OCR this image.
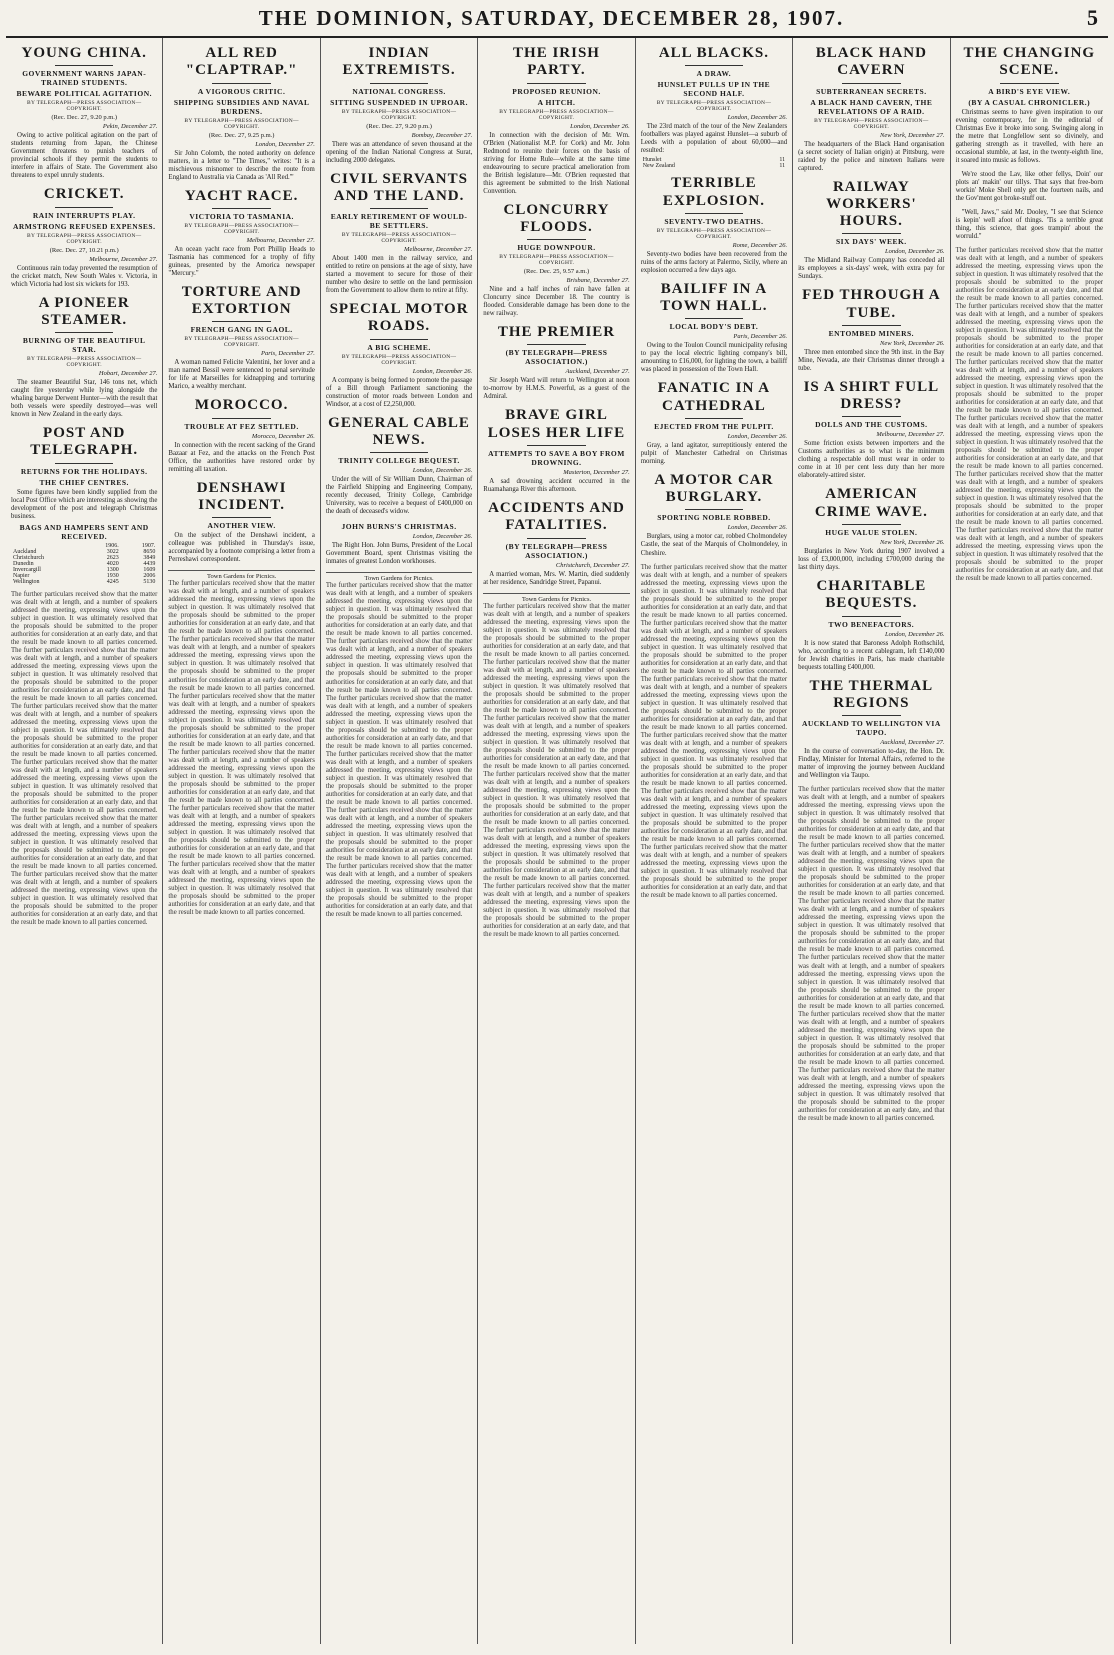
THE DOMINION, SATURDAY, DECEMBER 28, 1907.	5
YOUNG CHINA.
GOVERNMENT WARNS JAPAN-TRAINED STUDENTS.
BEWARE POLITICAL AGITATION.
BY TELEGRAPH—PRESS ASSOCIATION—COPYRIGHT.
(Rec. Dec. 27, 9.20 p.m.)
Pekin, December 27.
Owing to active political agitation on the part of students returning from Japan, the Chinese Government threatens to punish teachers of provincial schools if they permit the students to interfere in affairs of State. The Government also threatens to expel unruly students.
CRICKET.
RAIN INTERRUPTS PLAY.
ARMSTRONG REFUSED EXPENSES.
BY TELEGRAPH—PRESS ASSOCIATION—COPYRIGHT.
(Rec. Dec. 27, 10.21 p.m.)
Melbourne, December 27.
Continuous rain today prevented the resumption of the cricket match, New South Wales v. Victoria, in which Victoria had lost six wickets for 193.
A PIONEER STEAMER.
BURNING OF THE BEAUTIFUL STAR.
BY TELEGRAPH—PRESS ASSOCIATION—COPYRIGHT.
Hobart, December 27.
The steamer Beautiful Star, 146 tons net, which caught fire yesterday while lying alongside the whaling barque Derwent Hunter—with the result that both vessels were speedily destroyed—was well known in New Zealand in the early days.
POST AND TELEGRAPH.
RETURNS FOR THE HOLIDAYS.
THE CHIEF CENTRES.
Some figures have been kindly supplied from the local Post Office which are interesting as showing the development of the post and telegraph Christmas business.
BAGS AND HAMPERS SENT AND RECEIVED.
	1906.	1907.
Auckland	3022	8650
Christchurch	2623	3849
Dunedin	4020	4439
Invercargill	1300	1609
Napier	1930	2006
Wellington	4245	5130
The further particulars received show that the matter was dealt with at length, and a number of speakers addressed the meeting, expressing views upon the subject in question. It was ultimately resolved that the proposals should be submitted to the proper authorities for consideration at an early date, and that the result be made known to all parties concerned. The further particulars received show that the matter was dealt with at length, and a number of speakers addressed the meeting, expressing views upon the subject in question. It was ultimately resolved that the proposals should be submitted to the proper authorities for consideration at an early date, and that the result be made known to all parties concerned. The further particulars received show that the matter was dealt with at length, and a number of speakers addressed the meeting, expressing views upon the subject in question. It was ultimately resolved that the proposals should be submitted to the proper authorities for consideration at an early date, and that the result be made known to all parties concerned. The further particulars received show that the matter was dealt with at length, and a number of speakers addressed the meeting, expressing views upon the subject in question. It was ultimately resolved that the proposals should be submitted to the proper authorities for consideration at an early date, and that the result be made known to all parties concerned. The further particulars received show that the matter was dealt with at length, and a number of speakers addressed the meeting, expressing views upon the subject in question. It was ultimately resolved that the proposals should be submitted to the proper authorities for consideration at an early date, and that the result be made known to all parties concerned. The further particulars received show that the matter was dealt with at length, and a number of speakers addressed the meeting, expressing views upon the subject in question. It was ultimately resolved that the proposals should be submitted to the proper authorities for consideration at an early date, and that the result be made known to all parties concerned.
ALL RED "CLAPTRAP."
A VIGOROUS CRITIC.
SHIPPING SUBSIDIES AND NAVAL BURDENS.
BY TELEGRAPH—PRESS ASSOCIATION—COPYRIGHT.
(Rec. Dec. 27, 9.25 p.m.)
London, December 27.
Sir John Colomb, the noted authority on defence matters, in a letter to "The Times," writes: "It is a mischievous misnomer to describe the route from England to Australia via Canada as 'All Red.'"
YACHT RACE.
VICTORIA TO TASMANIA.
BY TELEGRAPH—PRESS ASSOCIATION—COPYRIGHT.
Melbourne, December 27.
An ocean yacht race from Port Phillip Heads to Tasmania has commenced for a trophy of fifty guineas, presented by the Amorica newspaper "Mercury."
TORTURE AND EXTORTION
FRENCH GANG IN GAOL.
BY TELEGRAPH—PRESS ASSOCIATION—COPYRIGHT.
Paris, December 27.
A woman named Felicite Valentini, her lover and a man named Bessil were sentenced to penal servitude for life at Marseilles for kidnapping and torturing Marico, a wealthy merchant.
MOROCCO.
TROUBLE AT FEZ SETTLED.
Morocco, December 26.
In connection with the recent sacking of the Grand Bazaar at Fez, and the attacks on the French Post Office, the authorities have restored order by remitting all taxation.
DENSHAWI INCIDENT.
ANOTHER VIEW.
On the subject of the Denshawi incident, a colleague was published in Thursday's issue, accompanied by a footnote comprising a letter from a Perreshawi correspondent.
Town Gardens for Picnics.
The further particulars received show that the matter was dealt with at length, and a number of speakers addressed the meeting, expressing views upon the subject in question. It was ultimately resolved that the proposals should be submitted to the proper authorities for consideration at an early date, and that the result be made known to all parties concerned. The further particulars received show that the matter was dealt with at length, and a number of speakers addressed the meeting, expressing views upon the subject in question. It was ultimately resolved that the proposals should be submitted to the proper authorities for consideration at an early date, and that the result be made known to all parties concerned. The further particulars received show that the matter was dealt with at length, and a number of speakers addressed the meeting, expressing views upon the subject in question. It was ultimately resolved that the proposals should be submitted to the proper authorities for consideration at an early date, and that the result be made known to all parties concerned. The further particulars received show that the matter was dealt with at length, and a number of speakers addressed the meeting, expressing views upon the subject in question. It was ultimately resolved that the proposals should be submitted to the proper authorities for consideration at an early date, and that the result be made known to all parties concerned. The further particulars received show that the matter was dealt with at length, and a number of speakers addressed the meeting, expressing views upon the subject in question. It was ultimately resolved that the proposals should be submitted to the proper authorities for consideration at an early date, and that the result be made known to all parties concerned. The further particulars received show that the matter was dealt with at length, and a number of speakers addressed the meeting, expressing views upon the subject in question. It was ultimately resolved that the proposals should be submitted to the proper authorities for consideration at an early date, and that the result be made known to all parties concerned.
INDIAN EXTREMISTS.
NATIONAL CONGRESS.
SITTING SUSPENDED IN UPROAR.
BY TELEGRAPH—PRESS ASSOCIATION—COPYRIGHT.
(Rec. Dec. 27, 9.20 p.m.)
Bombay, December 27.
There was an attendance of seven thousand at the opening of the Indian National Congress at Surat, including 2000 delegates.
CIVIL SERVANTS AND THE LAND.
EARLY RETIREMENT OF WOULD-BE SETTLERS.
BY TELEGRAPH—PRESS ASSOCIATION—COPYRIGHT.
Melbourne, December 27.
About 1400 men in the railway service, and entitled to retire on pensions at the age of sixty, have started a movement to secure for those of their number who desire to settle on the land permission from the Government to allow them to retire at fifty.
SPECIAL MOTOR ROADS.
A BIG SCHEME.
BY TELEGRAPH—PRESS ASSOCIATION—COPYRIGHT.
London, December 26.
A company is being formed to promote the passage of a Bill through Parliament sanctioning the construction of motor roads between London and Windsor, at a cost of £2,250,000.
GENERAL CABLE NEWS.
TRINITY COLLEGE BEQUEST.
London, December 26.
Under the will of Sir William Dunn, Chairman of the Fairfield Shipping and Engineering Company, recently deceased, Trinity College, Cambridge University, was to receive a bequest of £400,000 on the death of deceased's widow.
JOHN BURNS'S CHRISTMAS.
London, December 26.
The Right Hon. John Burns, President of the Local Government Board, spent Christmas visiting the inmates of greatest London workhouses.
Town Gardens for Picnics.
The further particulars received show that the matter was dealt with at length, and a number of speakers addressed the meeting, expressing views upon the subject in question. It was ultimately resolved that the proposals should be submitted to the proper authorities for consideration at an early date, and that the result be made known to all parties concerned. The further particulars received show that the matter was dealt with at length, and a number of speakers addressed the meeting, expressing views upon the subject in question. It was ultimately resolved that the proposals should be submitted to the proper authorities for consideration at an early date, and that the result be made known to all parties concerned. The further particulars received show that the matter was dealt with at length, and a number of speakers addressed the meeting, expressing views upon the subject in question. It was ultimately resolved that the proposals should be submitted to the proper authorities for consideration at an early date, and that the result be made known to all parties concerned. The further particulars received show that the matter was dealt with at length, and a number of speakers addressed the meeting, expressing views upon the subject in question. It was ultimately resolved that the proposals should be submitted to the proper authorities for consideration at an early date, and that the result be made known to all parties concerned. The further particulars received show that the matter was dealt with at length, and a number of speakers addressed the meeting, expressing views upon the subject in question. It was ultimately resolved that the proposals should be submitted to the proper authorities for consideration at an early date, and that the result be made known to all parties concerned. The further particulars received show that the matter was dealt with at length, and a number of speakers addressed the meeting, expressing views upon the subject in question. It was ultimately resolved that the proposals should be submitted to the proper authorities for consideration at an early date, and that the result be made known to all parties concerned.
THE IRISH PARTY.
PROPOSED REUNION.
A HITCH.
BY TELEGRAPH—PRESS ASSOCIATION—COPYRIGHT.
London, December 26.
In connection with the decision of Mr. Wm. O'Brien (Nationalist M.P. for Cork) and Mr. John Redmond to reunite their forces on the basis of striving for Home Rule—while at the same time endeavouring to secure practical amelioration from the British legislature—Mr. O'Brien requested that this agreement be submitted to the Irish National Convention.
CLONCURRY FLOODS.
HUGE DOWNPOUR.
BY TELEGRAPH—PRESS ASSOCIATION—COPYRIGHT.
(Rec. Dec. 25, 9.57 a.m.)
Brisbane, December 27.
Nine and a half inches of rain have fallen at Cloncurry since December 18. The country is flooded. Considerable damage has been done to the new railway.
THE PREMIER
(BY TELEGRAPH—PRESS ASSOCIATION.)
Auckland, December 27.
Sir Joseph Ward will return to Wellington at noon to-morrow by H.M.S. Powerful, as a guest of the Admiral.
BRAVE GIRL LOSES HER LIFE
ATTEMPTS TO SAVE A BOY FROM DROWNING.
Masterton, December 27.
A sad drowning accident occurred in the Ruamahanga River this afternoon.
ACCIDENTS AND FATALITIES.
(BY TELEGRAPH—PRESS ASSOCIATION.)
Christchurch, December 27.
A married woman, Mrs. W. Martin, died suddenly at her residence, Sandridge Street, Papanui.
Town Gardens for Picnics.
The further particulars received show that the matter was dealt with at length, and a number of speakers addressed the meeting, expressing views upon the subject in question. It was ultimately resolved that the proposals should be submitted to the proper authorities for consideration at an early date, and that the result be made known to all parties concerned. The further particulars received show that the matter was dealt with at length, and a number of speakers addressed the meeting, expressing views upon the subject in question. It was ultimately resolved that the proposals should be submitted to the proper authorities for consideration at an early date, and that the result be made known to all parties concerned. The further particulars received show that the matter was dealt with at length, and a number of speakers addressed the meeting, expressing views upon the subject in question. It was ultimately resolved that the proposals should be submitted to the proper authorities for consideration at an early date, and that the result be made known to all parties concerned. The further particulars received show that the matter was dealt with at length, and a number of speakers addressed the meeting, expressing views upon the subject in question. It was ultimately resolved that the proposals should be submitted to the proper authorities for consideration at an early date, and that the result be made known to all parties concerned. The further particulars received show that the matter was dealt with at length, and a number of speakers addressed the meeting, expressing views upon the subject in question. It was ultimately resolved that the proposals should be submitted to the proper authorities for consideration at an early date, and that the result be made known to all parties concerned. The further particulars received show that the matter was dealt with at length, and a number of speakers addressed the meeting, expressing views upon the subject in question. It was ultimately resolved that the proposals should be submitted to the proper authorities for consideration at an early date, and that the result be made known to all parties concerned.
ALL BLACKS.
A DRAW.
HUNSLET PULLS UP IN THE SECOND HALF.
BY TELEGRAPH—PRESS ASSOCIATION—COPYRIGHT.
London, December 26.
The 23rd match of the tour of the New Zealanders footballers was played against Hunslet—a suburb of Leeds with a population of about 60,000—and resulted:
Hunslet	11
New Zealand	11
TERRIBLE EXPLOSION.
SEVENTY-TWO DEATHS.
BY TELEGRAPH—PRESS ASSOCIATION—COPYRIGHT.
Rome, December 26.
Seventy-two bodies have been recovered from the ruins of the arms factory at Palermo, Sicily, where an explosion occurred a few days ago.
BAILIFF IN A TOWN HALL.
LOCAL BODY'S DEBT.
Paris, December 26.
Owing to the Toulon Council municipality refusing to pay the local electric lighting company's bill, amounting to £16,000, for lighting the town, a bailiff was placed in possession of the Town Hall.
FANATIC IN A CATHEDRAL
EJECTED FROM THE PULPIT.
London, December 26.
Gray, a land agitator, surreptitiously entered the pulpit of Manchester Cathedral on Christmas morning.
A MOTOR CAR BURGLARY.
SPORTING NOBLE ROBBED.
London, December 26.
Burglars, using a motor car, robbed Cholmondeley Castle, the seat of the Marquis of Cholmondeley, in Cheshire.
The further particulars received show that the matter was dealt with at length, and a number of speakers addressed the meeting, expressing views upon the subject in question. It was ultimately resolved that the proposals should be submitted to the proper authorities for consideration at an early date, and that the result be made known to all parties concerned. The further particulars received show that the matter was dealt with at length, and a number of speakers addressed the meeting, expressing views upon the subject in question. It was ultimately resolved that the proposals should be submitted to the proper authorities for consideration at an early date, and that the result be made known to all parties concerned. The further particulars received show that the matter was dealt with at length, and a number of speakers addressed the meeting, expressing views upon the subject in question. It was ultimately resolved that the proposals should be submitted to the proper authorities for consideration at an early date, and that the result be made known to all parties concerned. The further particulars received show that the matter was dealt with at length, and a number of speakers addressed the meeting, expressing views upon the subject in question. It was ultimately resolved that the proposals should be submitted to the proper authorities for consideration at an early date, and that the result be made known to all parties concerned. The further particulars received show that the matter was dealt with at length, and a number of speakers addressed the meeting, expressing views upon the subject in question. It was ultimately resolved that the proposals should be submitted to the proper authorities for consideration at an early date, and that the result be made known to all parties concerned. The further particulars received show that the matter was dealt with at length, and a number of speakers addressed the meeting, expressing views upon the subject in question. It was ultimately resolved that the proposals should be submitted to the proper authorities for consideration at an early date, and that the result be made known to all parties concerned.
BLACK HAND CAVERN
SUBTERRANEAN SECRETS.
A BLACK HAND CAVERN, THE REVELATIONS OF A RAID.
BY TELEGRAPH—PRESS ASSOCIATION—COPYRIGHT.
New York, December 27.
The headquarters of the Black Hand organisation (a secret society of Italian origin) at Pittsburg, were raided by the police and nineteen Italians were captured.
RAILWAY WORKERS' HOURS.
SIX DAYS' WEEK.
London, December 26.
The Midland Railway Company has conceded all its employees a six-days' week, with extra pay for Sundays.
FED THROUGH A TUBE.
ENTOMBED MINERS.
New York, December 26.
Three men entombed since the 9th inst. in the Bay Mine, Nevada, ate their Christmas dinner through a tube.
IS A SHIRT FULL DRESS?
DOLLS AND THE CUSTOMS.
Melbourne, December 27.
Some friction exists between importers and the Customs authorities as to what is the minimum clothing a respectable doll must wear in order to come in at 10 per cent less duty than her more elaborately-attired sister.
AMERICAN CRIME WAVE.
HUGE VALUE STOLEN.
New York, December 26.
Burglaries in New York during 1907 involved a loss of £3,000,000, including £700,000 during the last thirty days.
CHARITABLE BEQUESTS.
TWO BENEFACTORS.
London, December 26.
It is now stated that Baroness Adolph Rothschild, who, according to a recent cablegram, left £140,000 for Jewish charities in Paris, has made charitable bequests totalling £400,000.
THE THERMAL REGIONS
AUCKLAND TO WELLINGTON VIA TAUPO.
Auckland, December 27.
In the course of conversation to-day, the Hon. Dr. Findlay, Minister for Internal Affairs, referred to the matter of improving the journey between Auckland and Wellington via Taupo.
The further particulars received show that the matter was dealt with at length, and a number of speakers addressed the meeting, expressing views upon the subject in question. It was ultimately resolved that the proposals should be submitted to the proper authorities for consideration at an early date, and that the result be made known to all parties concerned. The further particulars received show that the matter was dealt with at length, and a number of speakers addressed the meeting, expressing views upon the subject in question. It was ultimately resolved that the proposals should be submitted to the proper authorities for consideration at an early date, and that the result be made known to all parties concerned. The further particulars received show that the matter was dealt with at length, and a number of speakers addressed the meeting, expressing views upon the subject in question. It was ultimately resolved that the proposals should be submitted to the proper authorities for consideration at an early date, and that the result be made known to all parties concerned. The further particulars received show that the matter was dealt with at length, and a number of speakers addressed the meeting, expressing views upon the subject in question. It was ultimately resolved that the proposals should be submitted to the proper authorities for consideration at an early date, and that the result be made known to all parties concerned. The further particulars received show that the matter was dealt with at length, and a number of speakers addressed the meeting, expressing views upon the subject in question. It was ultimately resolved that the proposals should be submitted to the proper authorities for consideration at an early date, and that the result be made known to all parties concerned. The further particulars received show that the matter was dealt with at length, and a number of speakers addressed the meeting, expressing views upon the subject in question. It was ultimately resolved that the proposals should be submitted to the proper authorities for consideration at an early date, and that the result be made known to all parties concerned.
THE CHANGING SCENE.
A BIRD'S EYE VIEW.
(BY A CASUAL CHRONICLER.)
Christmas seems to have given inspiration to our evening contemporary, for in the editorial of Christmas Eve it broke into song. Swinging along in the metre that Longfellow sent so divinely, and gathering strength as it travelled, with here an occasional stumble, at last, in the twenty-eighth line, it soared into music as follows.
We're stood the Lav, like other fellys, Doin' our plots an' makin' our tillys. That says that free-born workin' Moke Shell only get the fourteen nails, and the Gov'ment got broke-stuff out.
"Well, Jaws," said Mr. Dooley, "I see that Science is kepin' well afoot of things. 'Tis a terrible great thing, this science, that goes trampin' about the worruld."
The further particulars received show that the matter was dealt with at length, and a number of speakers addressed the meeting, expressing views upon the subject in question. It was ultimately resolved that the proposals should be submitted to the proper authorities for consideration at an early date, and that the result be made known to all parties concerned. The further particulars received show that the matter was dealt with at length, and a number of speakers addressed the meeting, expressing views upon the subject in question. It was ultimately resolved that the proposals should be submitted to the proper authorities for consideration at an early date, and that the result be made known to all parties concerned. The further particulars received show that the matter was dealt with at length, and a number of speakers addressed the meeting, expressing views upon the subject in question. It was ultimately resolved that the proposals should be submitted to the proper authorities for consideration at an early date, and that the result be made known to all parties concerned. The further particulars received show that the matter was dealt with at length, and a number of speakers addressed the meeting, expressing views upon the subject in question. It was ultimately resolved that the proposals should be submitted to the proper authorities for consideration at an early date, and that the result be made known to all parties concerned. The further particulars received show that the matter was dealt with at length, and a number of speakers addressed the meeting, expressing views upon the subject in question. It was ultimately resolved that the proposals should be submitted to the proper authorities for consideration at an early date, and that the result be made known to all parties concerned. The further particulars received show that the matter was dealt with at length, and a number of speakers addressed the meeting, expressing views upon the subject in question. It was ultimately resolved that the proposals should be submitted to the proper authorities for consideration at an early date, and that the result be made known to all parties concerned.
